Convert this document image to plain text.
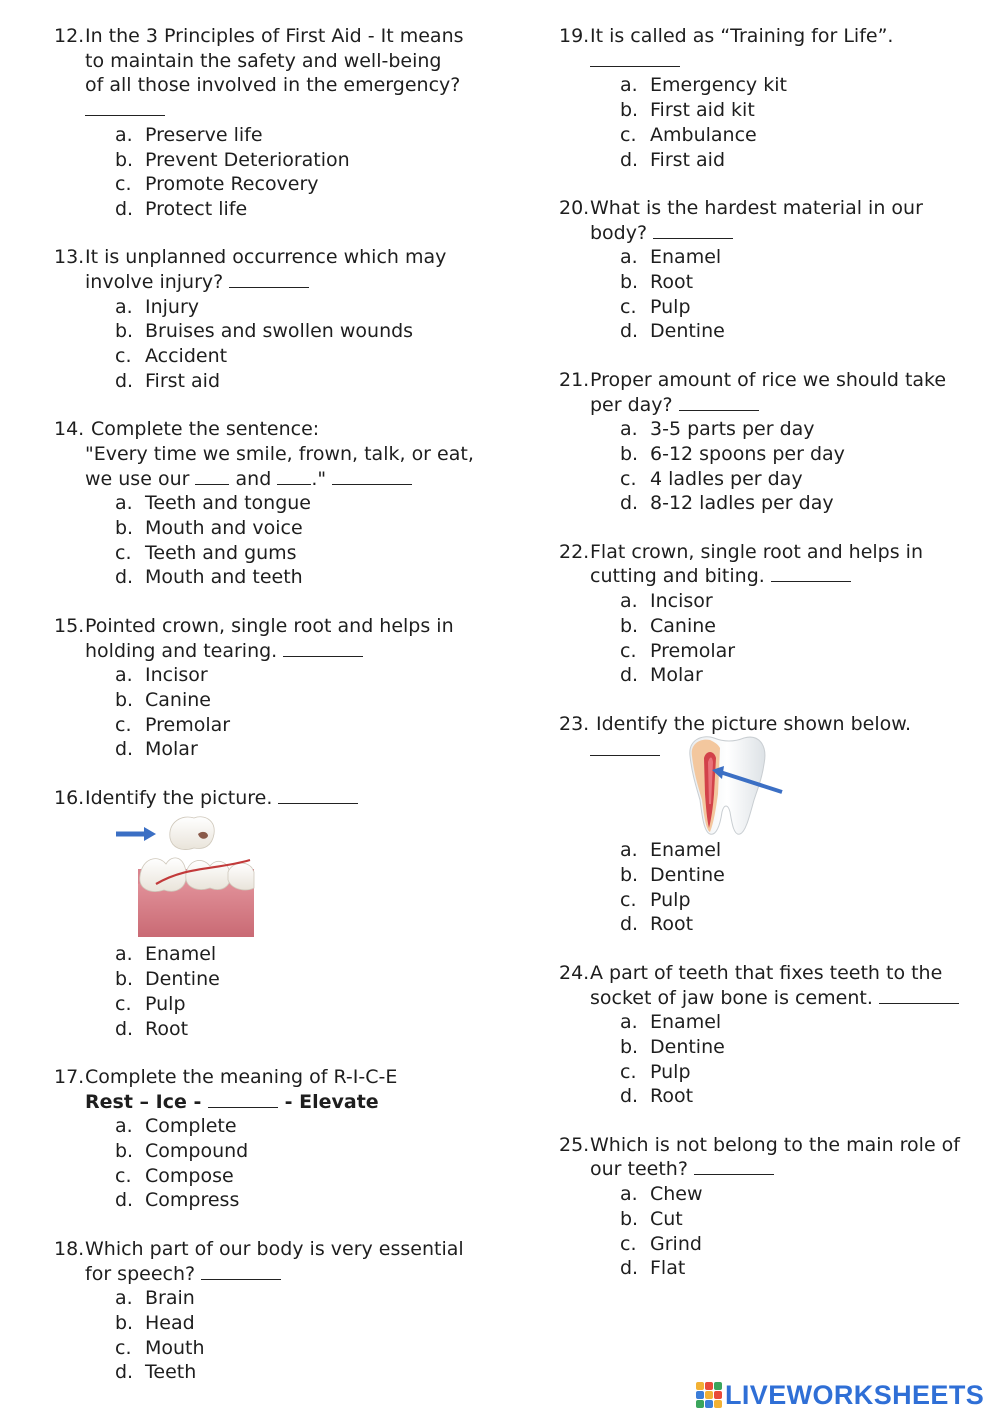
12. In the 3 Principles of First Aid - It means
to maintain the safety and well-being
of all those involved in the emergency?
a. Preserve life
b. Prevent Deterioration
c. Promote Recovery
d. Protect life
13. It is unplanned occurrence which may
involve injury?
a. Injury
b. Bruises and swollen wounds
c. Accident
d. First aid
14. Complete the sentence:
"Every time we smile, frown, talk, or eat,
we use our and ."
a. Teeth and tongue
b. Mouth and voice
c. Teeth and gums
d. Mouth and teeth
15. Pointed crown, single root and helps in
holding and tearing.
a. Incisor
b. Canine
c. Premolar
d. Molar
16. Identify the picture.
a. Enamel
b. Dentine
c. Pulp
d. Root
17. Complete the meaning of R-I-C-E
Rest – Ice -	- Elevate
a. Complete
b. Compound
c. Compose
d. Compress
18. Which part of our body is very essential
for speech?
a. Brain
b. Head
c. Mouth
d. Teeth
19. It is called as “Training for Life”.
a. Emergency kit
b. First aid kit
c. Ambulance
d. First aid
20. What is the hardest material in our
body?
a. Enamel
b. Root
c. Pulp
d. Dentine
21. Proper amount of rice we should take
per day?
a. 3-5 parts per day
b. 6-12 spoons per day
c. 4 ladles per day
d. 8-12 ladles per day
22. Flat crown, single root and helps in
cutting and biting.
a. Incisor
b. Canine
c. Premolar
d. Molar
23. Identify the picture shown below.
a. Enamel
b. Dentine
c. Pulp
d. Root
24. A part of teeth that fixes teeth to the
socket of jaw bone is cement.
a. Enamel
b. Dentine
c. Pulp
d. Root
25. Which is not belong to the main role of
our teeth?
a. Chew
b. Cut
c. Grind
d. Flat
LIVEWORKSHEETS
